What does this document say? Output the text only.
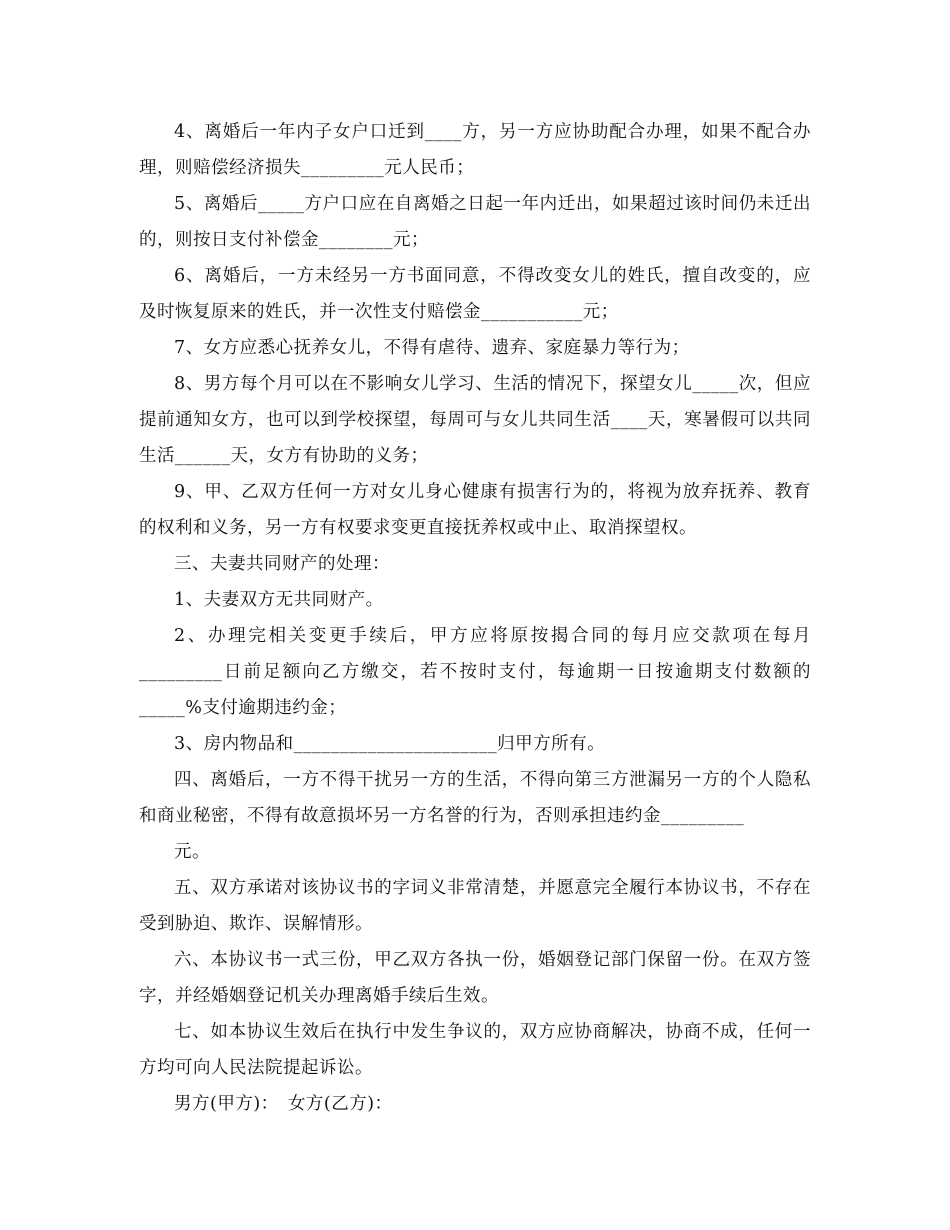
4、离婚后一年内子女户口迁到____方，另一方应协助配合办理，如果不配合办理，则赔偿经济损失_________元人民币；

5、离婚后_____方户口应在自离婚之日起一年内迁出，如果超过该时间仍未迁出的，则按日支付补偿金________元；

6、离婚后，一方未经另一方书面同意，不得改变女儿的姓氏，擅自改变的，应及时恢复原来的姓氏，并一次性支付赔偿金___________元；

7、女方应悉心抚养女儿，不得有虐待、遗弃、家庭暴力等行为；

8、男方每个月可以在不影响女儿学习、生活的情况下，探望女儿_____次，但应提前通知女方，也可以到学校探望，每周可与女儿共同生活____天，寒暑假可以共同生活______天，女方有协助的义务；

9、甲、乙双方任何一方对女儿身心健康有损害行为的，将视为放弃抚养、教育的权利和义务，另一方有权要求变更直接抚养权或中止、取消探望权。

三、夫妻共同财产的处理：

1、夫妻双方无共同财产。

2、办理完相关变更手续后，甲方应将原按揭合同的每月应交款项在每月_________日前足额向乙方缴交，若不按时支付，每逾期一日按逾期支付数额的_____%支付逾期违约金；

3、房内物品和______________________归甲方所有。

四、离婚后，一方不得干扰另一方的生活，不得向第三方泄漏另一方的个人隐私和商业秘密，不得有故意损坏另一方名誉的行为，否则承担违约金_________

元。

五、双方承诺对该协议书的字词义非常清楚，并愿意完全履行本协议书，不存在受到胁迫、欺诈、误解情形。

六、本协议书一式三份，甲乙双方各执一份，婚姻登记部门保留一份。在双方签字，并经婚姻登记机关办理离婚手续后生效。

七、如本协议生效后在执行中发生争议的，双方应协商解决，协商不成，任何一方均可向人民法院提起诉讼。

男方(甲方)：　女方(乙方)：
